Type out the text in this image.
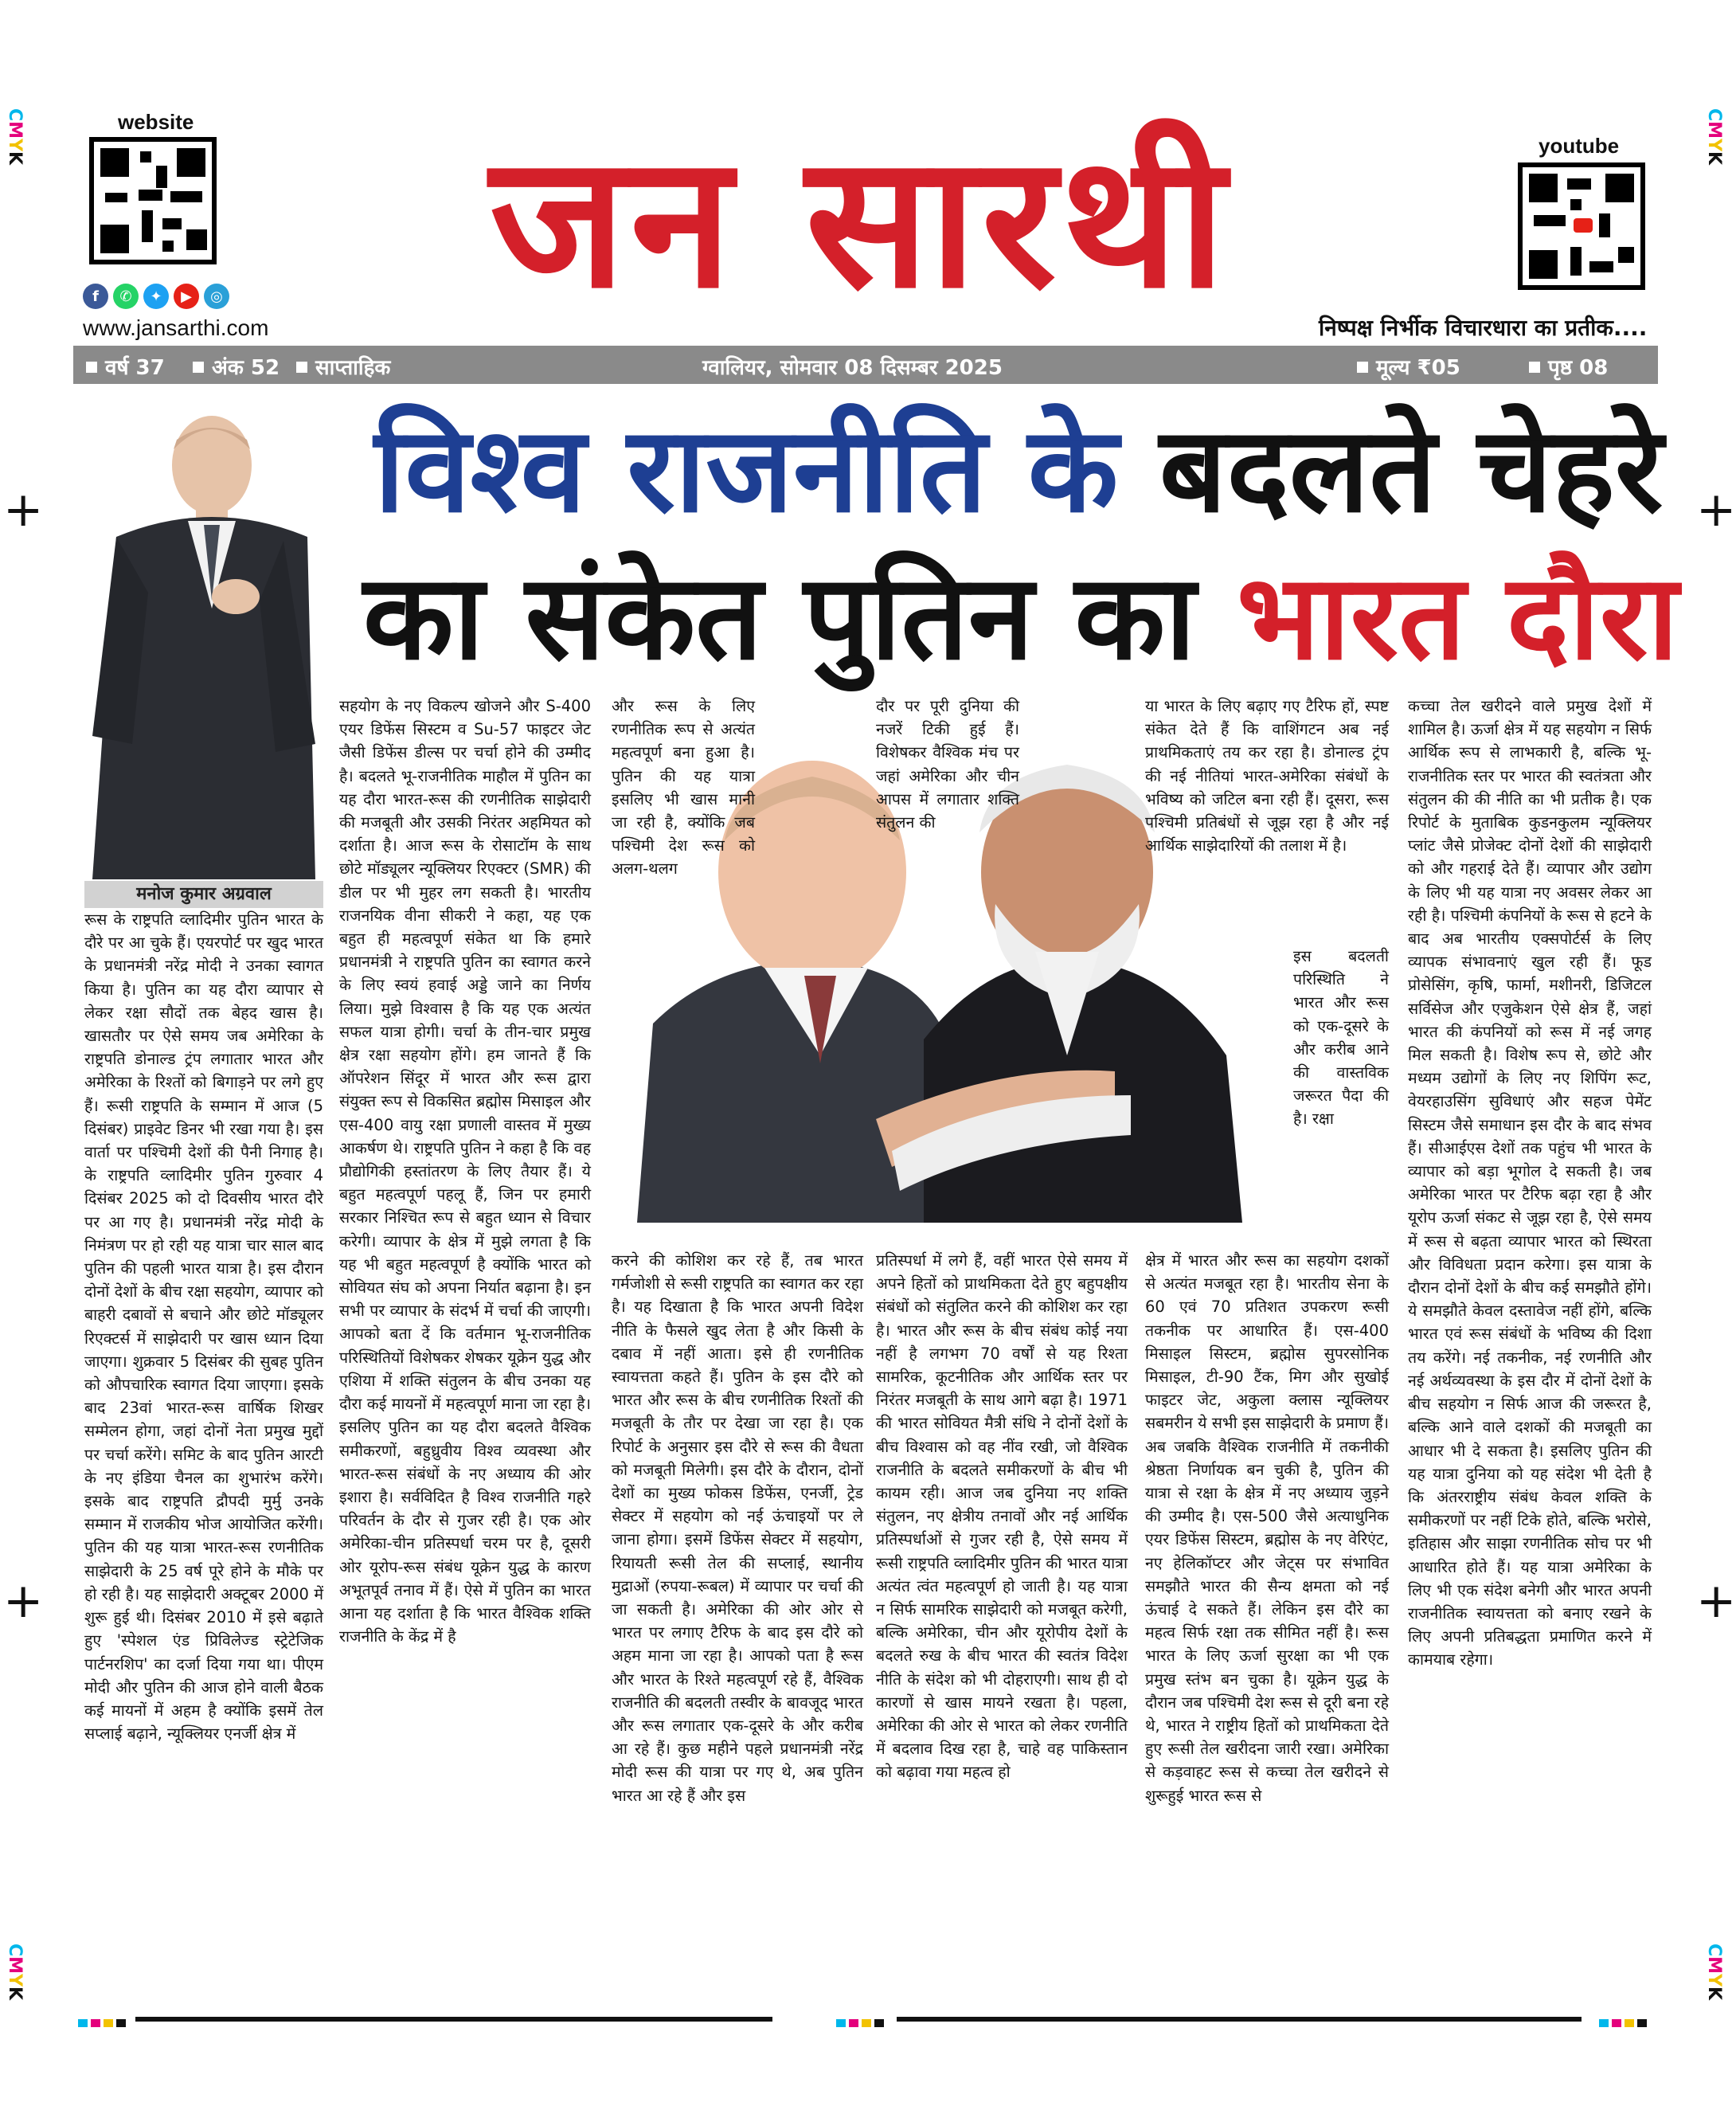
website
f	✆	✦	▶	◎
www.jansarthi.com	जन सारथी	youtube
निष्पक्ष निर्भीक विचारधारा का प्रतीक....
वर्ष 37	अंक 52	साप्ताहिक	ग्वालियर, सोमवार 08 दिसम्बर 2025	मूल्य ₹05	पृष्ठ 08
विश्व राजनीति के बदलते चेहरे
का संकेत पुतिन का भारत दौरा
मनोज कुमार अग्रवाल
रूस के राष्ट्रपति व्लादिमीर पुतिन भारत के दौरे पर आ चुके हैं। एयरपोर्ट पर खुद भारत के प्रधानमंत्री नरेंद्र मोदी ने उनका स्वागत किया है। पुतिन का यह दौरा व्यापार से लेकर रक्षा सौदों तक बेहद खास है। खासतौर पर ऐसे समय जब अमेरिका के राष्ट्रपति डोनाल्ड ट्रंप लगातार भारत और अमेरिका के रिश्तों को बिगाड़ने पर लगे हुए हैं। रूसी राष्ट्रपति के सम्मान में आज (5 दिसंबर) प्राइवेट डिनर भी रखा गया है। इस वार्ता पर पश्चिमी देशों की पैनी निगाह है। के राष्ट्रपति व्लादिमीर पुतिन गुरुवार 4 दिसंबर 2025 को दो दिवसीय भारत दौरे पर आ गए है। प्रधानमंत्री नरेंद्र मोदी के निमंत्रण पर हो रही यह यात्रा चार साल बाद पुतिन की पहली भारत यात्रा है। इस दौरान दोनों देशों के बीच रक्षा सहयोग, व्यापार को बाहरी दबावों से बचाने और छोटे मॉड्यूलर रिएक्टर्स में साझेदारी पर खास ध्यान दिया जाएगा। शुक्रवार 5 दिसंबर की सुबह पुतिन को औपचारिक स्वागत दिया जाएगा। इसके बाद 23वां भारत-रूस वार्षिक शिखर सम्मेलन होगा, जहां दोनों नेता प्रमुख मुद्दों पर चर्चा करेंगे। समिट के बाद पुतिन आरटी के नए इंडिया चैनल का शुभारंभ करेंगे। इसके बाद राष्ट्रपति द्रौपदी मुर्मु उनके सम्मान में राजकीय भोज आयोजित करेंगी। पुतिन की यह यात्रा भारत-रूस रणनीतिक साझेदारी के 25 वर्ष पूरे होने के मौके पर हो रही है। यह साझेदारी अक्टूबर 2000 में शुरू हुई थी। दिसंबर 2010 में इसे बढ़ाते हुए 'स्पेशल एंड प्रिविलेज्ड स्ट्रेटेजिक पार्टनरशिप' का दर्जा दिया गया था। पीएम मोदी और पुतिन की आज होने वाली बैठक कई मायनों में अहम है क्योंकि इसमें तेल सप्लाई बढ़ाने, न्यूक्लियर एनर्जी क्षेत्र में
सहयोग के नए विकल्प खोजने और S-400 एयर डिफेंस सिस्टम व Su-57 फाइटर जेट जैसी डिफेंस डील्स पर चर्चा होने की उम्मीद है। बदलते भू-राजनीतिक माहौल में पुतिन का यह दौरा भारत-रूस की रणनीतिक साझेदारी की मजबूती और उसकी निरंतर अहमियत को दर्शाता है। आज रूस के रोसाटॉम के साथ छोटे मॉड्यूलर न्यूक्लियर रिएक्टर (SMR) की डील पर भी मुहर लग सकती है। भारतीय राजनयिक वीना सीकरी ने कहा, यह एक बहुत ही महत्वपूर्ण संकेत था कि हमारे प्रधानमंत्री ने राष्ट्रपति पुतिन का स्वागत करने के लिए स्वयं हवाई अड्डे जाने का निर्णय लिया। मुझे विश्वास है कि यह एक अत्यंत सफल यात्रा होगी। चर्चा के तीन-चार प्रमुख क्षेत्र रक्षा सहयोग होंगे। हम जानते हैं कि ऑपरेशन सिंदूर में भारत और रूस द्वारा संयुक्त रूप से विकसित ब्रह्मोस मिसाइल और एस-400 वायु रक्षा प्रणाली वास्तव में मुख्य आकर्षण थे। राष्ट्रपति पुतिन ने कहा है कि वह प्रौद्योगिकी हस्तांतरण के लिए तैयार हैं। ये बहुत महत्वपूर्ण पहलू हैं, जिन पर हमारी सरकार निश्चित रूप से बहुत ध्यान से विचार करेगी। व्यापार के क्षेत्र में मुझे लगता है कि यह भी बहुत महत्वपूर्ण है क्योंकि भारत को सोवियत संघ को अपना निर्यात बढ़ाना है। इन सभी पर व्यापार के संदर्भ में चर्चा की जाएगी। आपको बता दें कि वर्तमान भू-राजनीतिक परिस्थितियों विशेषकर शेषकर यूक्रेन युद्ध और एशिया में शक्ति संतुलन के बीच उनका यह दौरा कई मायनों में महत्वपूर्ण माना जा रहा है। इसलिए पुतिन का यह दौरा बदलते वैश्विक समीकरणों, बहुध्रुवीय विश्व व्यवस्था और भारत-रूस संबंधों के नए अध्याय की ओर इशारा है। सर्वविदित है विश्व राजनीति गहरे परिवर्तन के दौर से गुजर रही है। एक ओर अमेरिका-चीन प्रतिस्पर्धा चरम पर है, दूसरी ओर यूरोप-रूस संबंध यूक्रेन युद्ध के कारण अभूतपूर्व तनाव में हैं। ऐसे में पुतिन का भारत आना यह दर्शाता है कि भारत वैश्विक शक्ति राजनीति के केंद्र में है
और रूस के लिए रणनीतिक रूप से अत्यंत महत्वपूर्ण बना हुआ है। पुतिन की यह यात्रा इसलिए भी खास मानी जा रही है, क्योंकि जब पश्चिमी देश रूस को अलग-थलग
दौर पर पूरी दुनिया की नजरें टिकी हुई हैं। विशेषकर वैश्विक मंच पर जहां अमेरिका और चीन आपस में लगातार शक्ति संतुलन की
या भारत के लिए बढ़ाए गए टैरिफ हों, स्पष्ट संकेत देते हैं कि वाशिंगटन अब नई प्राथमिकताएं तय कर रहा है। डोनाल्ड ट्रंप की नई नीतियां भारत-अमेरिका संबंधों के भविष्य को जटिल बना रही हैं। दूसरा, रूस पश्चिमी प्रतिबंधों से जूझ रहा है और नई आर्थिक साझेदारियों की तलाश में है।
इस बदलती परिस्थिति ने भारत और रूस को एक-दूसरे के और करीब आने की वास्तविक जरूरत पैदा की है। रक्षा
करने की कोशिश कर रहे हैं, तब भारत गर्मजोशी से रूसी राष्ट्रपति का स्वागत कर रहा है। यह दिखाता है कि भारत अपनी विदेश नीति के फैसले खुद लेता है और किसी के दबाव में नहीं आता। इसे ही रणनीतिक स्वायत्तता कहते हैं। पुतिन के इस दौरे को भारत और रूस के बीच रणनीतिक रिश्तों की मजबूती के तौर पर देखा जा रहा है। एक रिपोर्ट के अनुसार इस दौरे से रूस की वैधता को मजबूती मिलेगी। इस दौरे के दौरान, दोनों देशों का मुख्य फोकस डिफेंस, एनर्जी, ट्रेड सेक्टर में सहयोग को नई ऊंचाइयों पर ले जाना होगा। इसमें डिफेंस सेक्टर में सहयोग, रियायती रूसी तेल की सप्लाई, स्थानीय मुद्राओं (रुपया-रूबल) में व्यापार पर चर्चा की जा सकती है। अमेरिका की ओर ओर से भारत पर लगाए टैरिफ के बाद इस दौरे को अहम माना जा रहा है। आपको पता है रूस और भारत के रिश्ते महत्वपूर्ण रहे हैं, वैश्विक राजनीति की बदलती तस्वीर के बावजूद भारत और रूस लगातार एक-दूसरे के और करीब आ रहे हैं। कुछ महीने पहले प्रधानमंत्री नरेंद्र मोदी रूस की यात्रा पर गए थे, अब पुतिन भारत आ रहे हैं और इस
प्रतिस्पर्धा में लगे हैं, वहीं भारत ऐसे समय में अपने हितों को प्राथमिकता देते हुए बहुपक्षीय संबंधों को संतुलित करने की कोशिश कर रहा है। भारत और रूस के बीच संबंध कोई नया नहीं है लगभग 70 वर्षों से यह रिश्ता सामरिक, कूटनीतिक और आर्थिक स्तर पर निरंतर मजबूती के साथ आगे बढ़ा है। 1971 की भारत सोवियत मैत्री संधि ने दोनों देशों के बीच विश्वास को वह नींव रखी, जो वैश्विक राजनीति के बदलते समीकरणों के बीच भी कायम रही। आज जब दुनिया नए शक्ति संतुलन, नए क्षेत्रीय तनावों और नई आर्थिक प्रतिस्पर्धाओं से गुजर रही है, ऐसे समय में रूसी राष्ट्रपति व्लादिमीर पुतिन की भारत यात्रा अत्यंत त्वंत महत्वपूर्ण हो जाती है। यह यात्रा न सिर्फ सामरिक साझेदारी को मजबूत करेगी, बल्कि अमेरिका, चीन और यूरोपीय देशों के बदलते रुख के बीच भारत की स्वतंत्र विदेश नीति के संदेश को भी दोहराएगी। साथ ही दो कारणों से खास मायने रखता है। पहला, अमेरिका की ओर से भारत को लेकर रणनीति में बदलाव दिख रहा है, चाहे वह पाकिस्तान को बढ़ावा गया महत्व हो
क्षेत्र में भारत और रूस का सहयोग दशकों से अत्यंत मजबूत रहा है। भारतीय सेना के 60 एवं 70 प्रतिशत उपकरण रूसी तकनीक पर आधारित हैं। एस-400 मिसाइल सिस्टम, ब्रह्मोस सुपरसोनिक मिसाइल, टी-90 टैंक, मिग और सुखोई फाइटर जेट, अकुला क्लास न्यूक्लियर सबमरीन ये सभी इस साझेदारी के प्रमाण हैं। अब जबकि वैश्विक राजनीति में तकनीकी श्रेष्ठता निर्णायक बन चुकी है, पुतिन की यात्रा से रक्षा के क्षेत्र में नए अध्याय जुड़ने की उम्मीद है। एस-500 जैसे अत्याधुनिक एयर डिफेंस सिस्टम, ब्रह्मोस के नए वेरिएंट, नए हेलिकॉप्टर और जेट्स पर संभावित समझौते भारत की सैन्य क्षमता को नई ऊंचाई दे सकते हैं। लेकिन इस दौरे का महत्व सिर्फ रक्षा तक सीमित नहीं है। रूस भारत के लिए ऊर्जा सुरक्षा का भी एक प्रमुख स्तंभ बन चुका है। यूक्रेन युद्ध के दौरान जब पश्चिमी देश रूस से दूरी बना रहे थे, भारत ने राष्ट्रीय हितों को प्राथमिकता देते हुए रूसी तेल खरीदना जारी रखा। अमेरिका से कड़वाहट रूस से कच्चा तेल खरीदने से शुरूहुई भारत रूस से
कच्चा तेल खरीदने वाले प्रमुख देशों में शामिल है। ऊर्जा क्षेत्र में यह सहयोग न सिर्फ आर्थिक रूप से लाभकारी है, बल्कि भू-राजनीतिक स्तर पर भारत की स्वतंत्रता और संतुलन की की नीति का भी प्रतीक है। एक रिपोर्ट के मुताबिक कुडनकुलम न्यूक्लियर प्लांट जैसे प्रोजेक्ट दोनों देशों की साझेदारी को और गहराई देते हैं। व्यापार और उद्योग के लिए भी यह यात्रा नए अवसर लेकर आ रही है। पश्चिमी कंपनियों के रूस से हटने के बाद अब भारतीय एक्सपोर्टर्स के लिए व्यापक संभावनाएं खुल रही हैं। फूड प्रोसेसिंग, कृषि, फार्मा, मशीनरी, डिजिटल सर्विसेज और एजुकेशन ऐसे क्षेत्र हैं, जहां भारत की कंपनियों को रूस में नई जगह मिल सकती है। विशेष रूप से, छोटे और मध्यम उद्योगों के लिए नए शिपिंग रूट, वेयरहाउसिंग सुविधाएं और सहज पेमेंट सिस्टम जैसे समाधान इस दौर के बाद संभव हैं। सीआईएस देशों तक पहुंच भी भारत के व्यापार को बड़ा भूगोल दे सकती है। जब अमेरिका भारत पर टैरिफ बढ़ा रहा है और यूरोप ऊर्जा संकट से जूझ रहा है, ऐसे समय में रूस से बढ़ता व्यापार भारत को स्थिरता और विविधता प्रदान करेगा। इस यात्रा के दौरान दोनों देशों के बीच कई समझौते होंगे। ये समझौते केवल दस्तावेज नहीं होंगे, बल्कि भारत एवं रूस संबंधों के भविष्य की दिशा तय करेंगे। नई तकनीक, नई रणनीति और नई अर्थव्यवस्था के इस दौर में दोनों देशों के बीच सहयोग न सिर्फ आज की जरूरत है, बल्कि आने वाले दशकों की मजबूती का आधार भी दे सकता है। इसलिए पुतिन की यह यात्रा दुनिया को यह संदेश भी देती है कि अंतरराष्ट्रीय संबंध केवल शक्ति के समीकरणों पर नहीं टिके होते, बल्कि भरोसे, इतिहास और साझा रणनीतिक सोच पर भी आधारित होते हैं। यह यात्रा अमेरिका के लिए भी एक संदेश बनेगी और भारत अपनी राजनीतिक स्वायत्तता को बनाए रखने के लिए अपनी प्रतिबद्धता प्रमाणित करने में कामयाब रहेगा।
CMYK
CMYK
CMYK
CMYK
+
+
+
+
